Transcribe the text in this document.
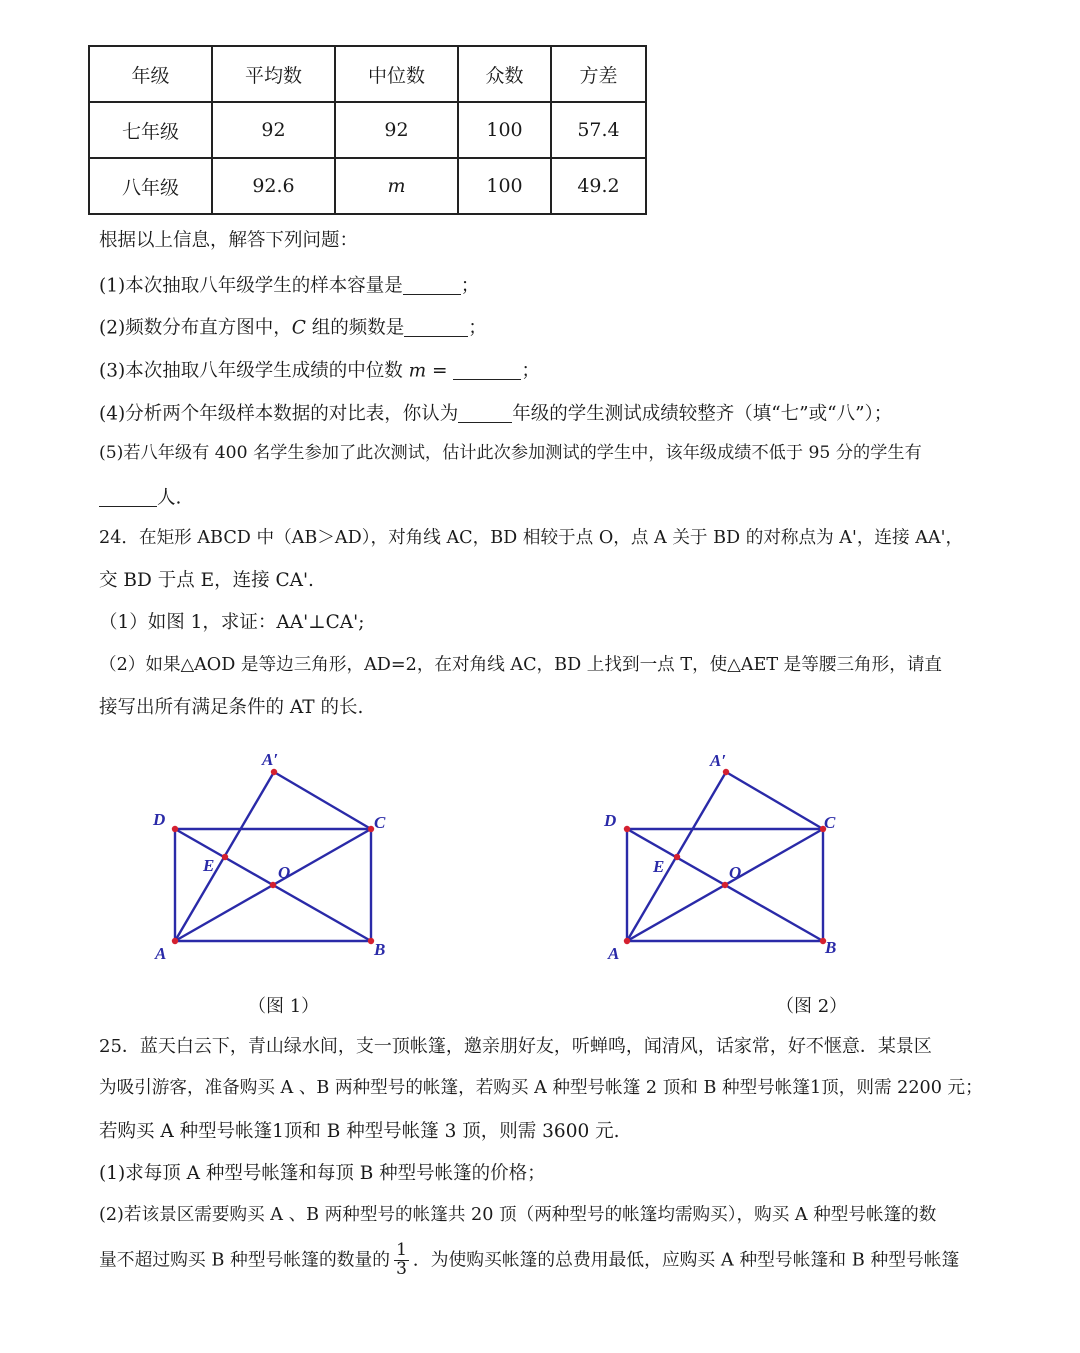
年级	平均数	中位数	众数	方差
七年级	92	92	100	57.4
八年级	92.6	m	100	49.2
根据以上信息，解答下列问题：
(1)本次抽取八年级学生的样本容量是	；
(2)频数分布直方图中，C 组的频数是	；
(3)本次抽取八年级学生成绩的中位数 m =	；
(4)分析两个年级样本数据的对比表，你认为	年级的学生测试成绩较整齐（填“七”或“八”）；
(5)若八年级有 400 名学生参加了此次测试，估计此次参加测试的学生中，该年级成绩不低于 95 分的学生有
人.
24．在矩形 ABCD 中（AB＞AD），对角线 AC，BD 相较于点 O，点 A 关于 BD 的对称点为 A'，连接 AA'，
交 BD 于点 E，连接 CA'.
（1）如图 1，求证：AA'⊥CA';
（2）如果△AOD 是等边三角形，AD=2，在对角线 AC，BD 上找到一点 T，使△AET 是等腰三角形，请直
接写出所有满足条件的 AT 的长.
A′
D	C
E	O
A	B
（图 1）
A′
D	C
E	O
A	B
（图 2）
25．蓝天白云下，青山绿水间，支一顶帐篷，邀亲朋好友，听蝉鸣，闻清风，话家常，好不惬意．某景区
为吸引游客，准备购买 A 、B 两种型号的帐篷，若购买 A 种型号帐篷 2 顶和 B 种型号帐篷1顶，则需 2200 元；
若购买 A 种型号帐篷1顶和 B 种型号帐篷 3 顶，则需 3600 元.
(1)求每顶 A 种型号帐篷和每顶 B 种型号帐篷的价格；
(2)若该景区需要购买 A 、B 两种型号的帐篷共 20 顶（两种型号的帐篷均需购买），购买 A 种型号帐篷的数
量不超过购买 B 种型号帐篷的数量的 $\frac{1}{3}$ ．为使购买帐篷的总费用最低，应购买 A 种型号帐篷和 B 种型号帐篷
